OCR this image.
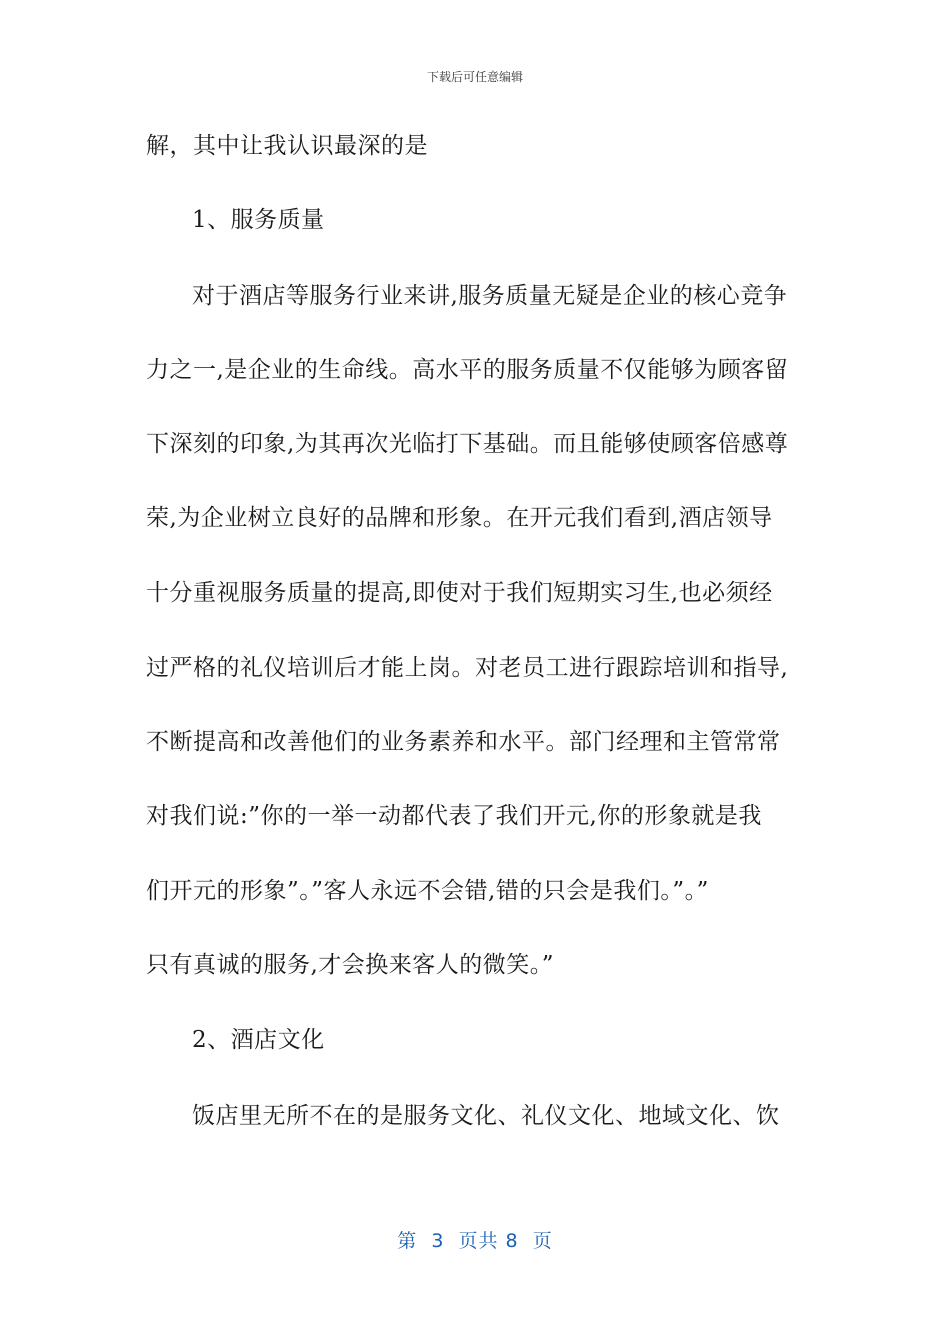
下载后可任意编辑
解，其中让我认识最深的是
1、服务质量
对于酒店等服务行业来讲,服务质量无疑是企业的核心竞争
力之一,是企业的生命线。高水平的服务质量不仅能够为顾客留
下深刻的印象,为其再次光临打下基础。而且能够使顾客倍感尊
荣,为企业树立良好的品牌和形象。在开元我们看到,酒店领导
十分重视服务质量的提高,即使对于我们短期实习生,也必须经
过严格的礼仪培训后才能上岗。对老员工进行跟踪培训和指导,
不断提高和改善他们的业务素养和水平。部门经理和主管常常
对我们说:”你的一举一动都代表了我们开元,你的形象就是我
们开元的形象”。”客人永远不会错,错的只会是我们。”。”
只有真诚的服务,才会换来客人的微笑。”
2、酒店文化
饭店里无所不在的是服务文化、礼仪文化、地域文化、饮
第  3  页共 8  页
